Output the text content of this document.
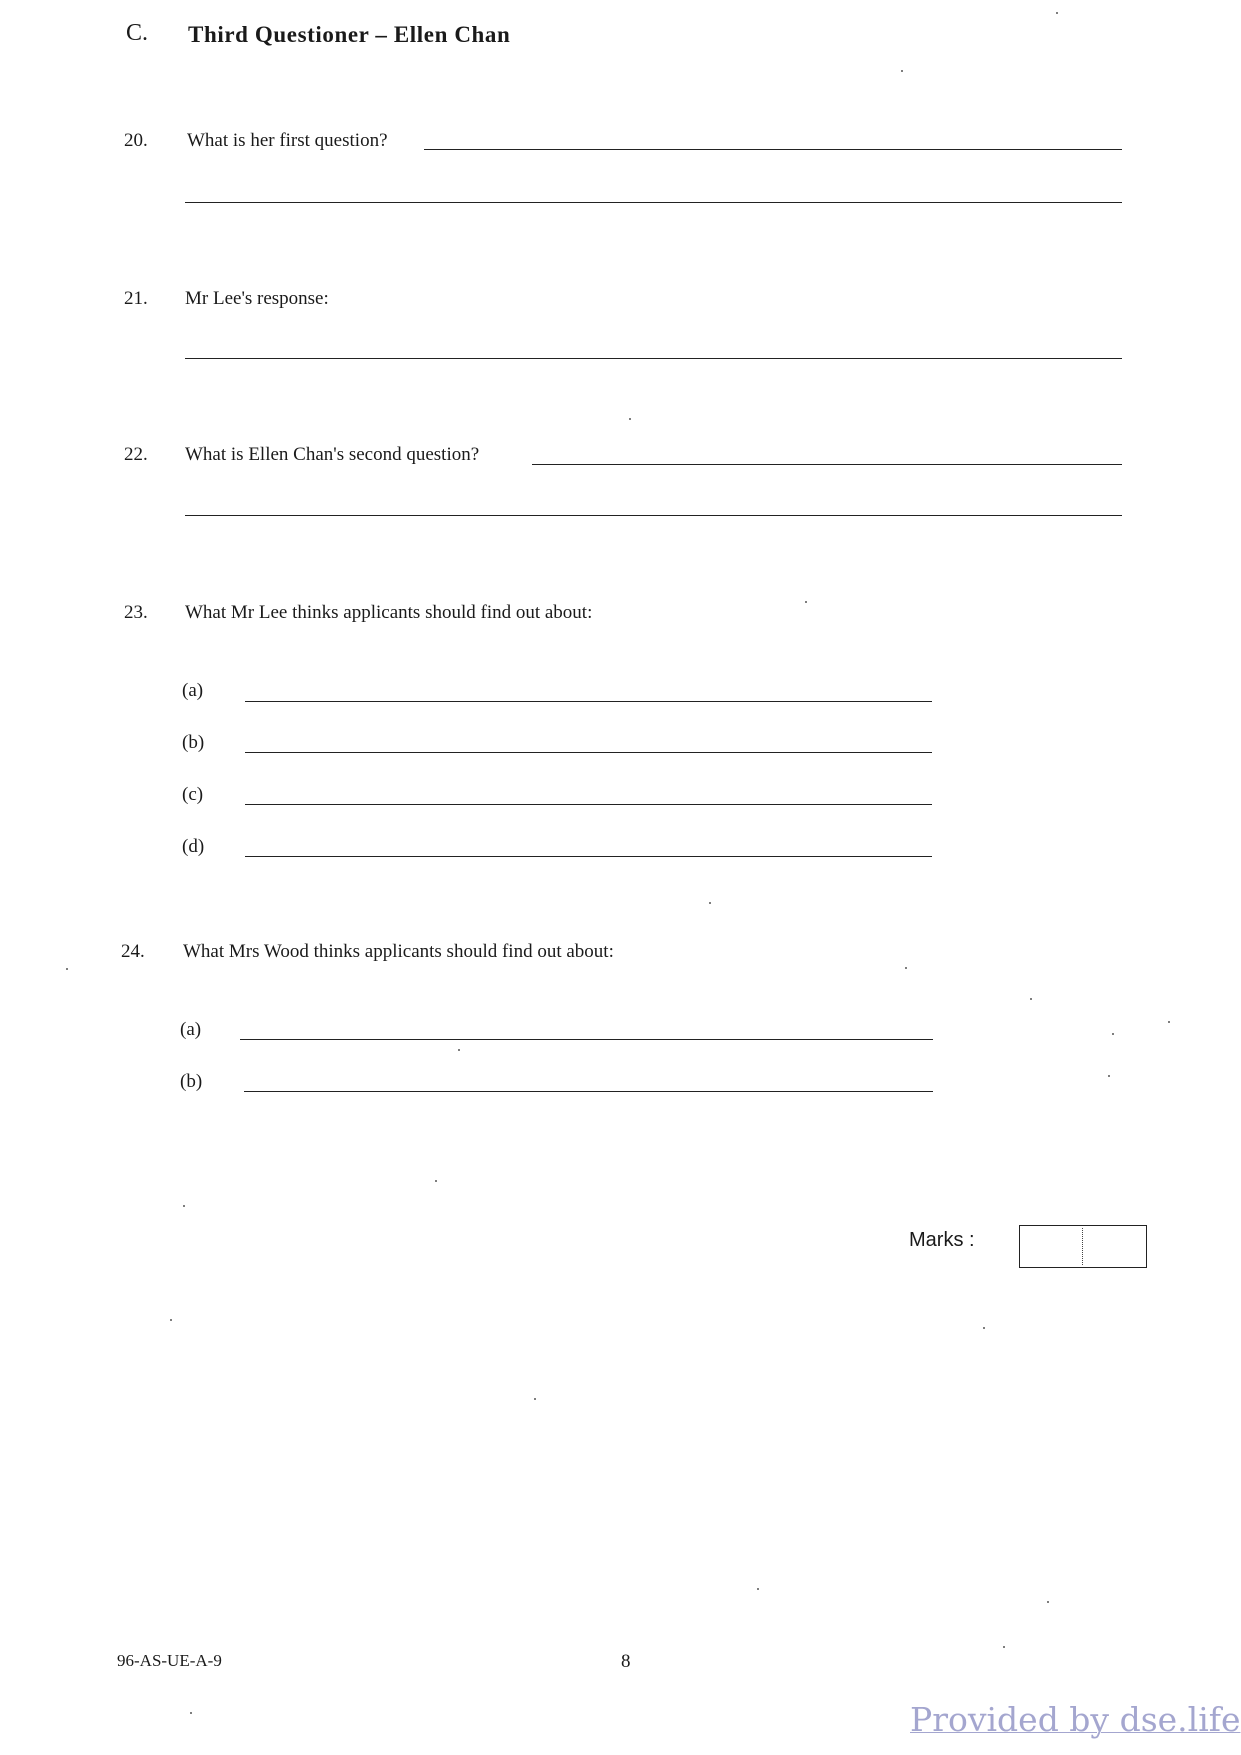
C. Third Questioner – Ellen Chan
20. What is her first question?
21. Mr Lee's response:
22. What is Ellen Chan's second question?
23. What Mr Lee thinks applicants should find out about:
(a)
(b)
(c)
(d)
24. What Mrs Wood thinks applicants should find out about:
(a)
(b)
Marks :
96-AS-UE-A-9	8
Provided by dse.life
